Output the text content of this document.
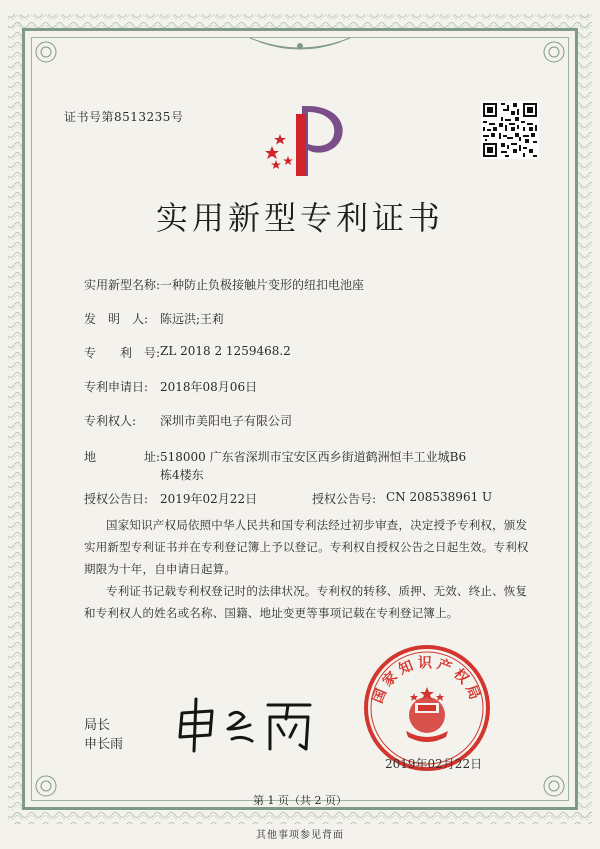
证书号第8513235号
实用新型专利证书
实用新型名称: 一种防止负极接触片变形的纽扣电池座
发　明　人: 陈远洪;王莉
专　　利　号: ZL 2018 2 1259468.2
专利申请日: 2018年08月06日
专利权人: 深圳市美阳电子有限公司
地　　　　址: 518000 广东省深圳市宝安区西乡街道鹤洲恒丰工业城B6
栋4楼东
授权公告日: 2019年02月22日	授权公告号: CN 208538961 U
国家知识产权局依照中华人民共和国专利法经过初步审查，决定授予专利权，颁发实用新型专利证书并在专利登记簿上予以登记。专利权自授权公告之日起生效。专利权期限为十年，自申请日起算。
专利证书记载专利权登记时的法律状况。专利权的转移、质押、无效、终止、恢复和专利权人的姓名或名称、国籍、地址变更等事项记载在专利登记簿上。
局长
申长雨
国家知识产权局
2019年02月22日
第 1 页（共 2 页）
其他事项参见背面
